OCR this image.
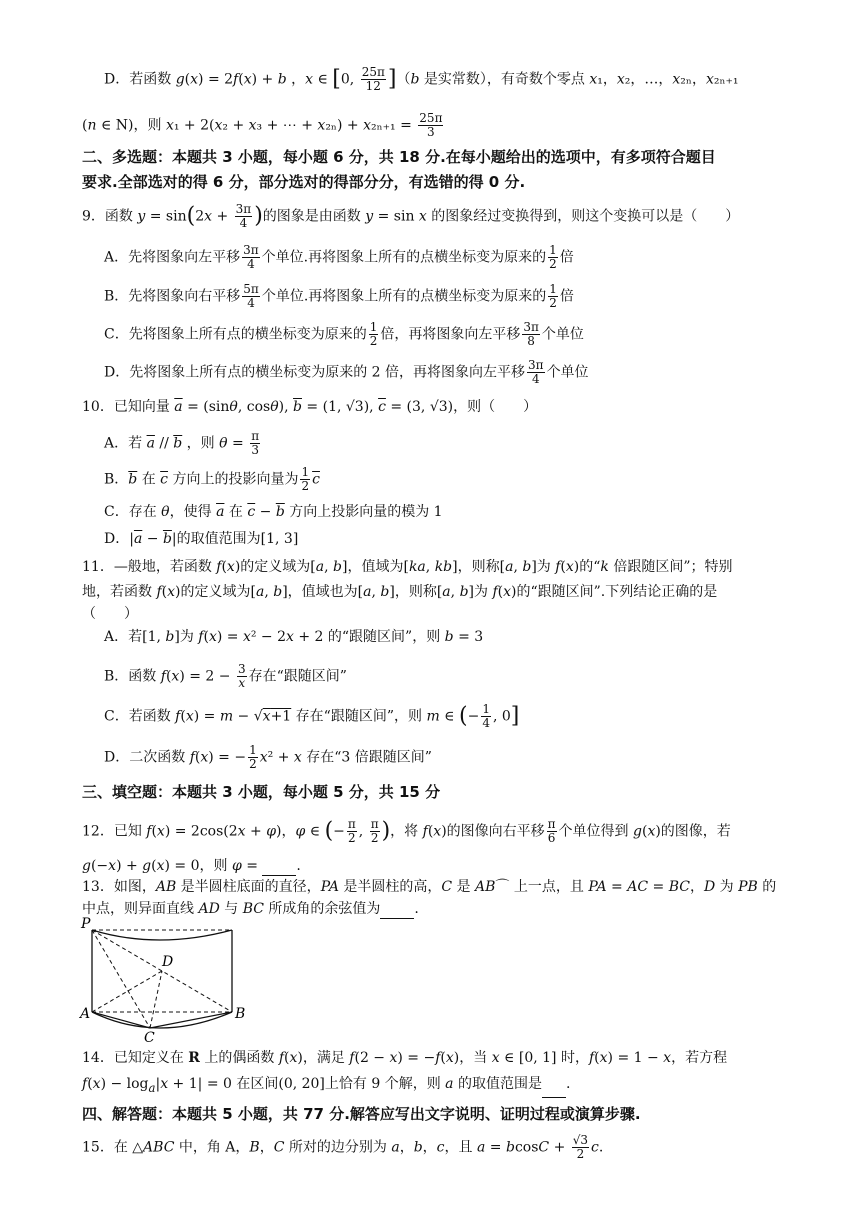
D．若函数 g(x) = 2f(x) + b ，x ∈ [0, $\frac{25\pi}{12} ](b$ 是实常数），有奇数个零点 x₁，x₂，…，x₂ₙ，x₂ₙ₊₁
(n ∈ N)，则 x₁ + 2(x₂ + x₃ + ⋯ + $x_{2n}) + x_{2n+1} = \frac{25\pi}{3}$
二、多选题：本题共 3 小题，每小题 6 分，共 18 分.在每小题给出的选项中，有多项符合题目
要求.全部选对的得 6 分，部分选对的得部分分，有选错的得 0 分.
9．函数 $y = \sin(2x + \frac{3\pi}{4}$ )的图象是由函数 y = sin x 的图象经过变换得到，则这个变换可以是（　　）
A．先将图象向左平移 $\frac{3\pi}{4}$ 个单位.再将图象上所有的点横坐标变为原来的 $\frac{1}{2}$ 倍
B．先将图象向右平移 $\frac{5\pi}{4}$ 个单位.再将图象上所有的点横坐标变为原来的 $\frac{1}{2}$ 倍
C．先将图象上所有点的横坐标变为原来的 $\frac{1}{2}$ 倍，再将图象向左平移 $\frac{3\pi}{8}$ 个单位
D．先将图象上所有点的横坐标变为原来的 2 倍，再将图象向左平移 $\frac{3\pi}{4}$ 个单位
10．已知向量 $\overline{a} = (\sin\theta$, cosθ), $\overline{b} = (1$, √3), $\overline{c} = (3$, √3)，则（　　）
A．若 $\overline{a} // \overline{b}$ ，则 $\theta = \frac{\pi}{3}$
B．$\overline{b}$ 在 $\overline{c}$ 方向上的投影向量为 $\frac{1}{2} \overline{c}$
C．存在 θ，使得 $\overline{a}$ 在 $\overline{c} - \overline{b}$ 方向上投影向量的模为 1
D．$|\overline{a} - \overline{b}|$的取值范围为[1, 3]
11．—般地，若函数 f(x)的定义域为[a, b]，值域为[ka, kb]，则称[a, b]为 f(x)的“k 倍跟随区间”；特别
地，若函数 f(x)的定义域为[a, b]，值域也为[a, b]，则称[a, b]为 f(x)的“跟随区间”.下列结论正确的是
（　　）
A．若[1, b]为 f(x) = x² − 2x + 2 的“跟随区间”，则 b = 3
B．函数 $f(x) = 2 - \frac{3}{x}$ 存在“跟随区间”
C．若函数 f(x) = m − √x+1 存在“跟随区间”，则 m ∈ (− $\frac{1}{4}$ , 0]
D．二次函数 f(x) = − $\frac{1}{2} x^2 + x$ 存在“3 倍跟随区间”
三、填空题：本题共 3 小题，每小题 5 分，共 15 分
12．已知 f(x) = 2cos(2x + φ)，φ ∈ (− $\frac{\pi}{2}$ , $\frac{\pi}{2}$ )，将 f(x)的图像向右平移 $\frac{\pi}{6}$ 个单位得到 g(x)的图像，若
g(−x) + g(x) = 0，则 φ = .
13．如图，AB 是半圆柱底面的直径，PA 是半圆柱的高，C 是 AB⌒ 上一点，且 PA = AC = BC，D 为 PB 的
中点，则异面直线 AD 与 BC 所成角的余弦值为 .
P
D
A	B
C
14．已知定义在 R 上的偶函数 f(x)，满足 f(2 − x) = −f(x)，当 x ∈ [0, 1] 时，f(x) = 1 − x，若方程
$f(x) - \log_a|x + 1| = 0$ 在区间(0, 20]上恰有 9 个解，则 a 的取值范围是 .
四、解答题：本题共 5 小题，共 77 分.解答应写出文字说明、证明过程或演算步骤.
15．在 △ABC 中，角 A，B，C 所对的边分别为 a，b，c，且 $a = bcosC + \frac{√3}{2} c$.
